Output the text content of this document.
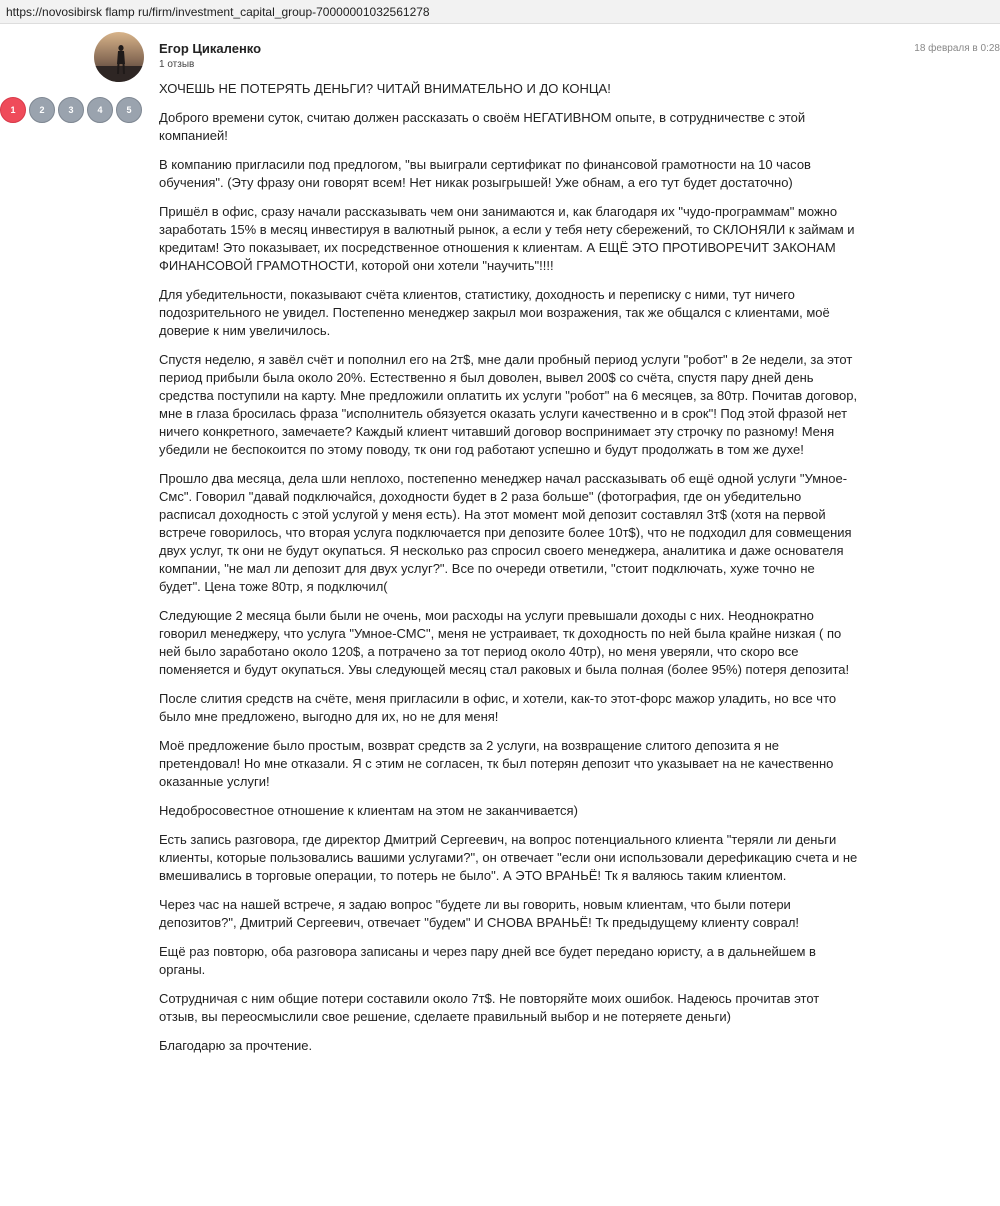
https://novosibirsk flamp ru/firm/investment_capital_group-70000001032561278
Егор Цикаленко
1 отзыв
18 февраля в 0:28
1	2	3	4	5

ХОЧЕШЬ НЕ ПОТЕРЯТЬ ДЕНЬГИ? ЧИТАЙ ВНИМАТЕЛЬНО И ДО КОНЦА!

Доброго времени суток, считаю должен рассказать о своём НЕГАТИВНОМ опыте, в сотрудничестве с этой компанией!

В компанию пригласили под предлогом, "вы выиграли сертификат по финансовой грамотности на 10 часов обучения". (Эту фразу они говорят всем! Нет никак розыгрышей! Уже обнам, а его тут будет достаточно)

Пришёл в офис, сразу начали рассказывать чем они занимаются и, как благодаря их "чудо-программам" можно заработать 15% в месяц инвестируя в валютный рынок, а если у тебя нету сбережений, то СКЛОНЯЛИ к займам и кредитам! Это показывает, их посредственное отношения к клиентам. А ЕЩЁ ЭТО ПРОТИВОРЕЧИТ ЗАКОНАМ ФИНАНСОВОЙ ГРАМОТНОСТИ, которой они хотели "научить"!!!!

Для убедительности, показывают счёта клиентов, статистику, доходность и переписку с ними, тут ничего подозрительного не увидел. Постепенно менеджер закрыл мои возражения, так же общался с клиентами, моё доверие к ним увеличилось.

Спустя неделю, я завёл счёт и пополнил его на 2т$, мне дали пробный период услуги "робот" в 2е недели, за этот период прибыли была около 20%. Естественно я был доволен, вывел 200$ со счёта, спустя пару дней день средства поступили на карту. Мне предложили оплатить их услуги "робот" на 6 месяцев, за 80тр. Почитав договор, мне в глаза бросилась фраза "исполнитель обязуется оказать услуги качественно и в срок"! Под этой фразой нет ничего конкретного, замечаете? Каждый клиент читавший договор воспринимает эту строчку по разному! Меня убедили не беспокоится по этому поводу, тк они год работают успешно и будут продолжать в том же духе!

Прошло два месяца, дела шли неплохо, постепенно менеджер начал рассказывать об ещё одной услуги "Умное-Смс". Говорил "давай подключайся, доходности будет в 2 раза больше" (фотография, где он убедительно расписал доходность с этой услугой у меня есть). На этот момент мой депозит составлял 3т$ (хотя на первой встрече говорилось, что вторая услуга подключается при депозите более 10т$), что не подходил для совмещения двух услуг, тк они не будут окупаться. Я несколько раз спросил своего менеджера, аналитика и даже основателя компании, "не мал ли депозит для двух услуг?". Все по очереди ответили, "стоит подключать, хуже точно не будет". Цена тоже 80тр, я подключил(

Следующие 2 месяца были были не очень, мои расходы на услуги превышали доходы с них. Неоднократно говорил менеджеру, что услуга "Умное-СМС", меня не устраивает, тк доходность по ней была крайне низкая ( по ней было заработано около 120$, а потрачено за тот период около 40тр), но меня уверяли, что скоро все поменяется и будут окупаться. Увы следующей месяц стал раковых и была полная (более 95%) потеря депозита!

После слития средств на счёте, меня пригласили в офис, и хотели, как-то этот-форс мажор уладить, но все что было мне предложено, выгодно для их, но не для меня!

Моё предложение было простым, возврат средств за 2 услуги, на возвращение слитого депозита я не претендовал! Но мне отказали. Я с этим не согласен, тк был потерян депозит что указывает на не качественно оказанные услуги!

Недобросовестное отношение к клиентам на этом не заканчивается)

Есть запись разговора, где директор Дмитрий Сергеевич, на вопрос потенциального клиента "теряли ли деньги клиенты, которые пользовались вашими услугами?", он отвечает "если они использовали дерефикацию счета и не вмешивались в торговые операции, то потерь не было". А ЭТО ВРАНЬЁ! Тк я валяюсь таким клиентом.

Через час на нашей встрече, я задаю вопрос "будете ли вы говорить, новым клиентам, что были потери депозитов?", Дмитрий Сергеевич, отвечает "будем" И СНОВА ВРАНЬЁ! Тк предыдущему клиенту соврал!

Ещё раз повторю, оба разговора записаны и через пару дней все будет передано юристу, а в дальнейшем в органы.

Сотрудничая с ним общие потери составили около 7т$. Не повторяйте моих ошибок. Надеюсь прочитав этот отзыв, вы переосмыслили свое решение, сделаете правильный выбор и не потеряете деньги)

Благодарю за прочтение.
